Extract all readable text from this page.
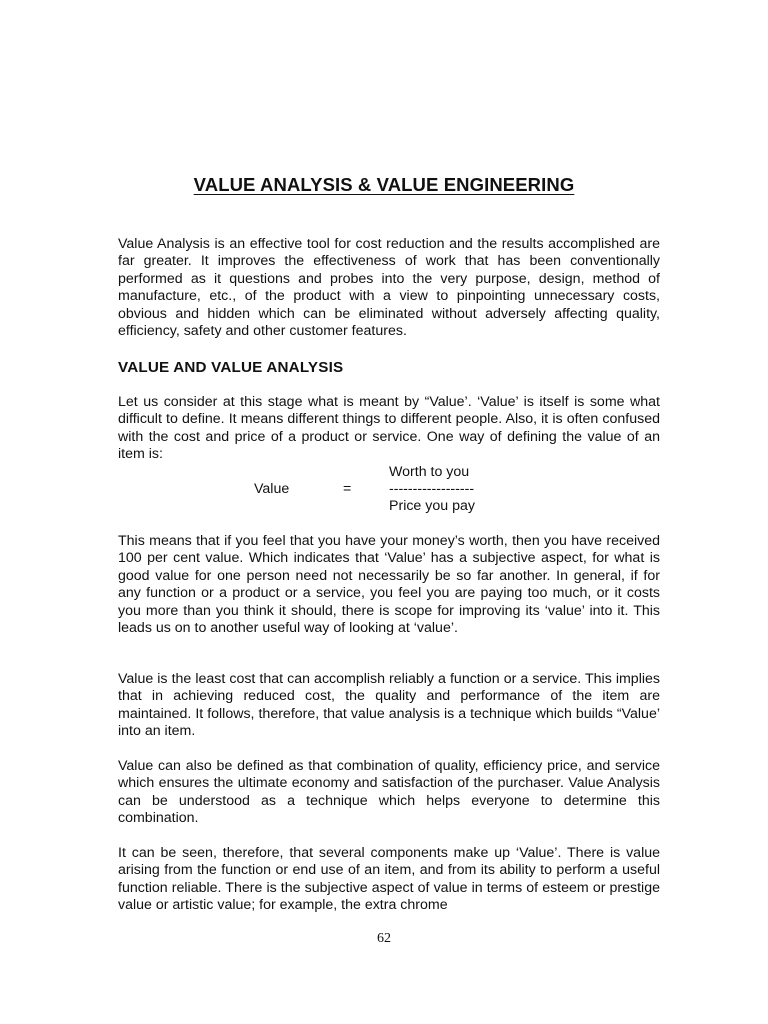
VALUE ANALYSIS & VALUE ENGINEERING

Value Analysis is an effective tool for cost reduction and the results accomplished are far greater. It improves the effectiveness of work that has been conventionally performed as it questions and probes into the very purpose, design, method of manufacture, etc., of the product with a view to pinpointing unnecessary costs, obvious and hidden which can be eliminated without adversely affecting quality, efficiency, safety and other customer features.

VALUE AND VALUE ANALYSIS

Let us consider at this stage what is meant by “Value’. ‘Value’ is itself is some what difficult to define. It means different things to different people. Also, it is often confused with the cost and price of a product or service. One way of defining the value of an item is:

Worth to you
Value	=	------------------
Price you pay

This means that if you feel that you have your money’s worth, then you have received 100 per cent value. Which indicates that ‘Value’ has a subjective aspect, for what is good value for one person need not necessarily be so far another. In general, if for any function or a product or a service, you feel you are paying too much, or it costs you more than you think it should, there is scope for improving its ‘value’ into it. This leads us on to another useful way of looking at ‘value’.

Value is the least cost that can accomplish reliably a function or a service. This implies that in achieving reduced cost, the quality and performance of the item are maintained. It follows, therefore, that value analysis is a technique which builds “Value’ into an item.

Value can also be defined as that combination of quality, efficiency price, and service which ensures the ultimate economy and satisfaction of the purchaser. Value Analysis can be understood as a technique which helps everyone to determine this combination.

It can be seen, therefore, that several components make up ‘Value’. There is value arising from the function or end use of an item, and from its ability to perform a useful function reliable. There is the subjective aspect of value in terms of esteem or prestige value or artistic value; for example, the extra chrome

62
